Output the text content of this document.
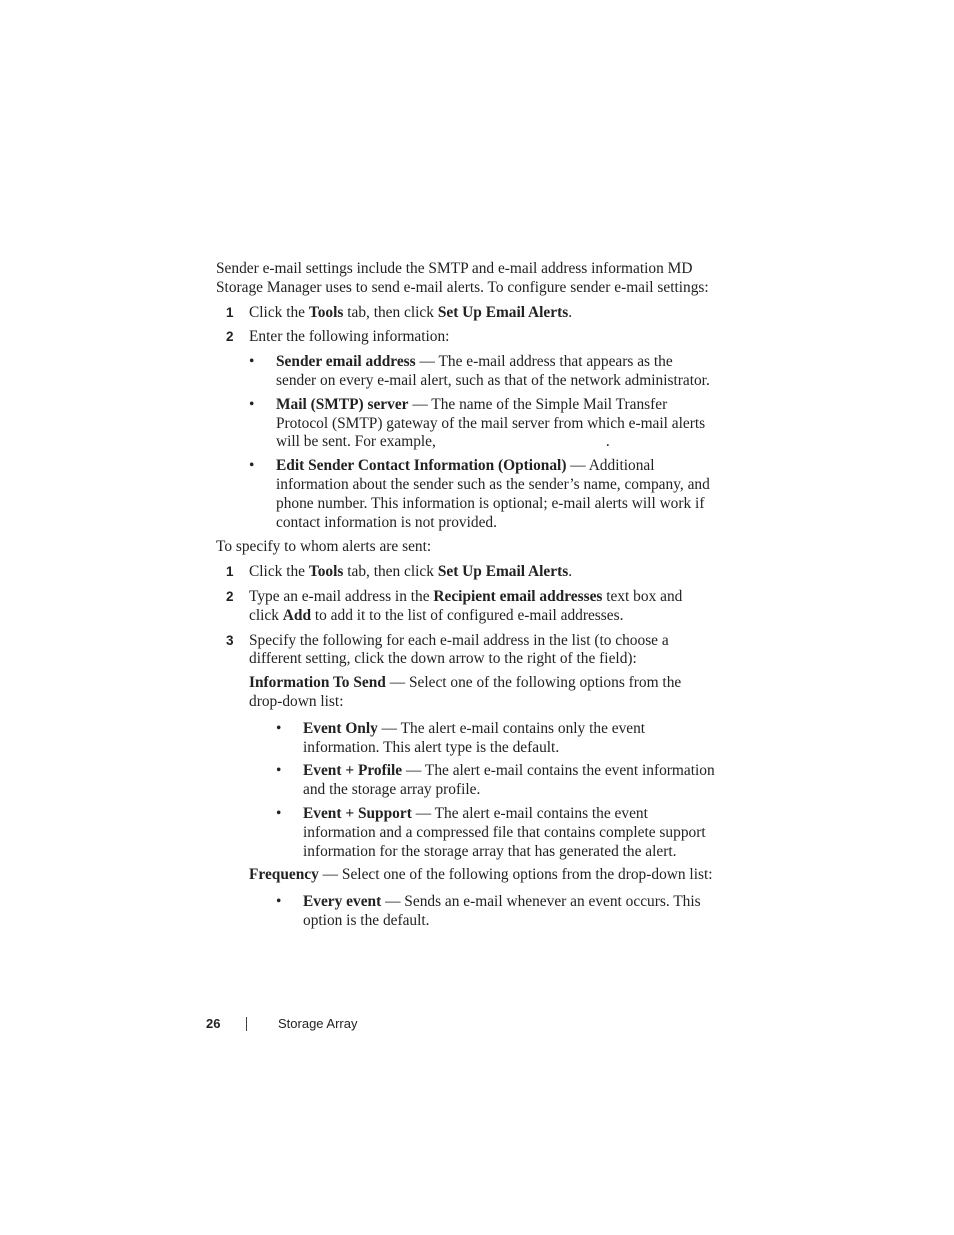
Sender e-mail settings include the SMTP and e-mail address information MD Storage Manager uses to send e-mail alerts. To configure sender e-mail settings:

1 Click the Tools tab, then click Set Up Email Alerts.

2 Enter the following information:

• Sender email address — The e-mail address that appears as the sender on every e-mail alert, such as that of the network administrator.
• Mail (SMTP) server — The name of the Simple Mail Transfer Protocol (SMTP) gateway of the mail server from which e-mail alerts will be sent. For example,	.
• Edit Sender Contact Information (Optional) — Additional information about the sender such as the sender’s name, company, and phone number. This information is optional; e-mail alerts will work if contact information is not provided.

To specify to whom alerts are sent:

1 Click the Tools tab, then click Set Up Email Alerts.

2 Type an e-mail address in the Recipient email addresses text box and click Add to add it to the list of configured e-mail addresses.

3 Specify the following for each e-mail address in the list (to choose a different setting, click the down arrow to the right of the field):

Information To Send — Select one of the following options from the drop-down list:

• Event Only — The alert e-mail contains only the event information. This alert type is the default.
• Event + Profile — The alert e-mail contains the event information and the storage array profile.
• Event + Support — The alert e-mail contains the event information and a compressed file that contains complete support information for the storage array that has generated the alert.

Frequency — Select one of the following options from the drop-down list:

• Every event — Sends an e-mail whenever an event occurs. This option is the default.
26	Storage Array
